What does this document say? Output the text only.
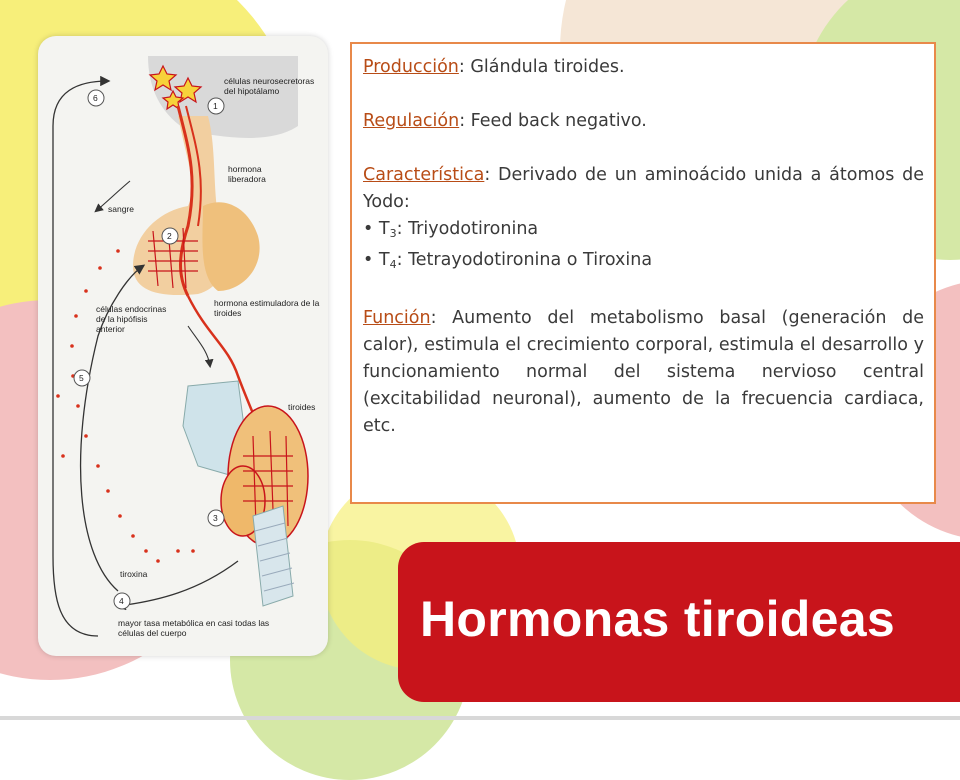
6
1
2
3
4
5
células neurosecretoras del hipotálamo
hormona liberadora
sangre
hormona estimuladora de la tiroides
células endocrinas de la hipófisis anterior
tiroides
tiroxina
mayor tasa metabólica en casi todas las células del cuerpo

Producción: Glándula tiroides.

Regulación: Feed back negativo.

Característica: Derivado de un aminoácido unida a átomos de Yodo:

• $T_3$: Triyodotironina

• $T_4$: Tetrayodotironina o Tiroxina

Función: Aumento del metabolismo basal (generación de calor), estimula el crecimiento corporal, estimula el desarrollo y funcionamiento normal del sistema nervioso central (excitabilidad neuronal), aumento de la frecuencia cardiaca, etc.

Hormonas tiroideas
